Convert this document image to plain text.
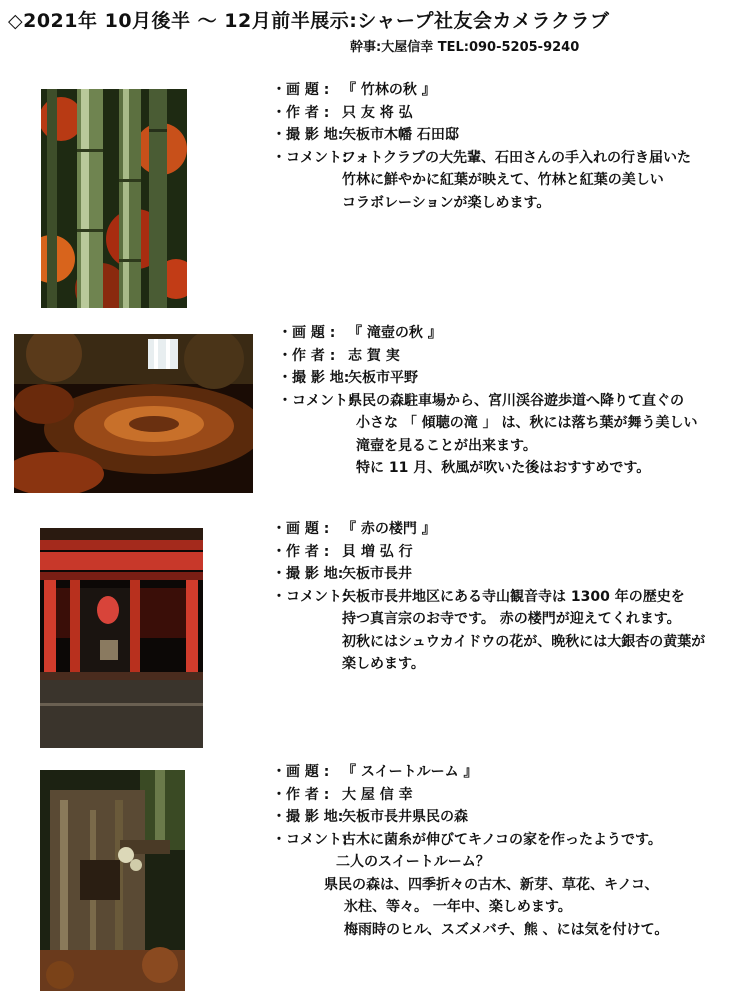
◇2021年 10月後半 ～ 12月前半展示:シャープ社友会カメラクラブ
幹事:大屋信幸 TEL:090-5205-9240
・画 題 : 『 竹林の秋 』
・作 者 : 只 友 将 弘
・撮 影 地:
矢板市木幡 石田邸
・コメント:
フォトクラブの大先輩、石田さんの手入れの行き届いた
竹林に鮮やかに紅葉が映えて、竹林と紅葉の美しい
コラボレーションが楽しめます。
・画 題 : 『 滝壺の秋 』
・作 者 : 志 賀 実
・撮 影 地:
矢板市平野
・コメント:
県民の森駐車場から、宮川渓谷遊歩道へ降りて直ぐの
小さな 「 傾聴の滝 」 は、秋には落ち葉が舞う美しい
滝壺を見ることが出来ます。
特に 11 月、秋風が吹いた後はおすすめです。
・画 題 : 『 赤の楼門 』
・作 者 : 貝 増 弘 行
・撮 影 地:
矢板市長井
・コメント:
矢板市長井地区にある寺山観音寺は 1300 年の歴史を
持つ真言宗のお寺です。 赤の楼門が迎えてくれます。
初秋にはシュウカイドウの花が、晩秋には大銀杏の黄葉が
楽しめます。
・画 題 : 『 スイートルーム 』
・作 者 : 大 屋 信 幸
・撮 影 地:
矢板市長井県民の森
・コメント:
古木に菌糸が伸びてキノコの家を作ったようです。
二人のスイートルーム？
県民の森は、四季折々の古木、新芽、草花、キノコ、
氷柱、等々。 一年中、楽しめます。
梅雨時のヒル、スズメバチ、熊 、には気を付けて。
